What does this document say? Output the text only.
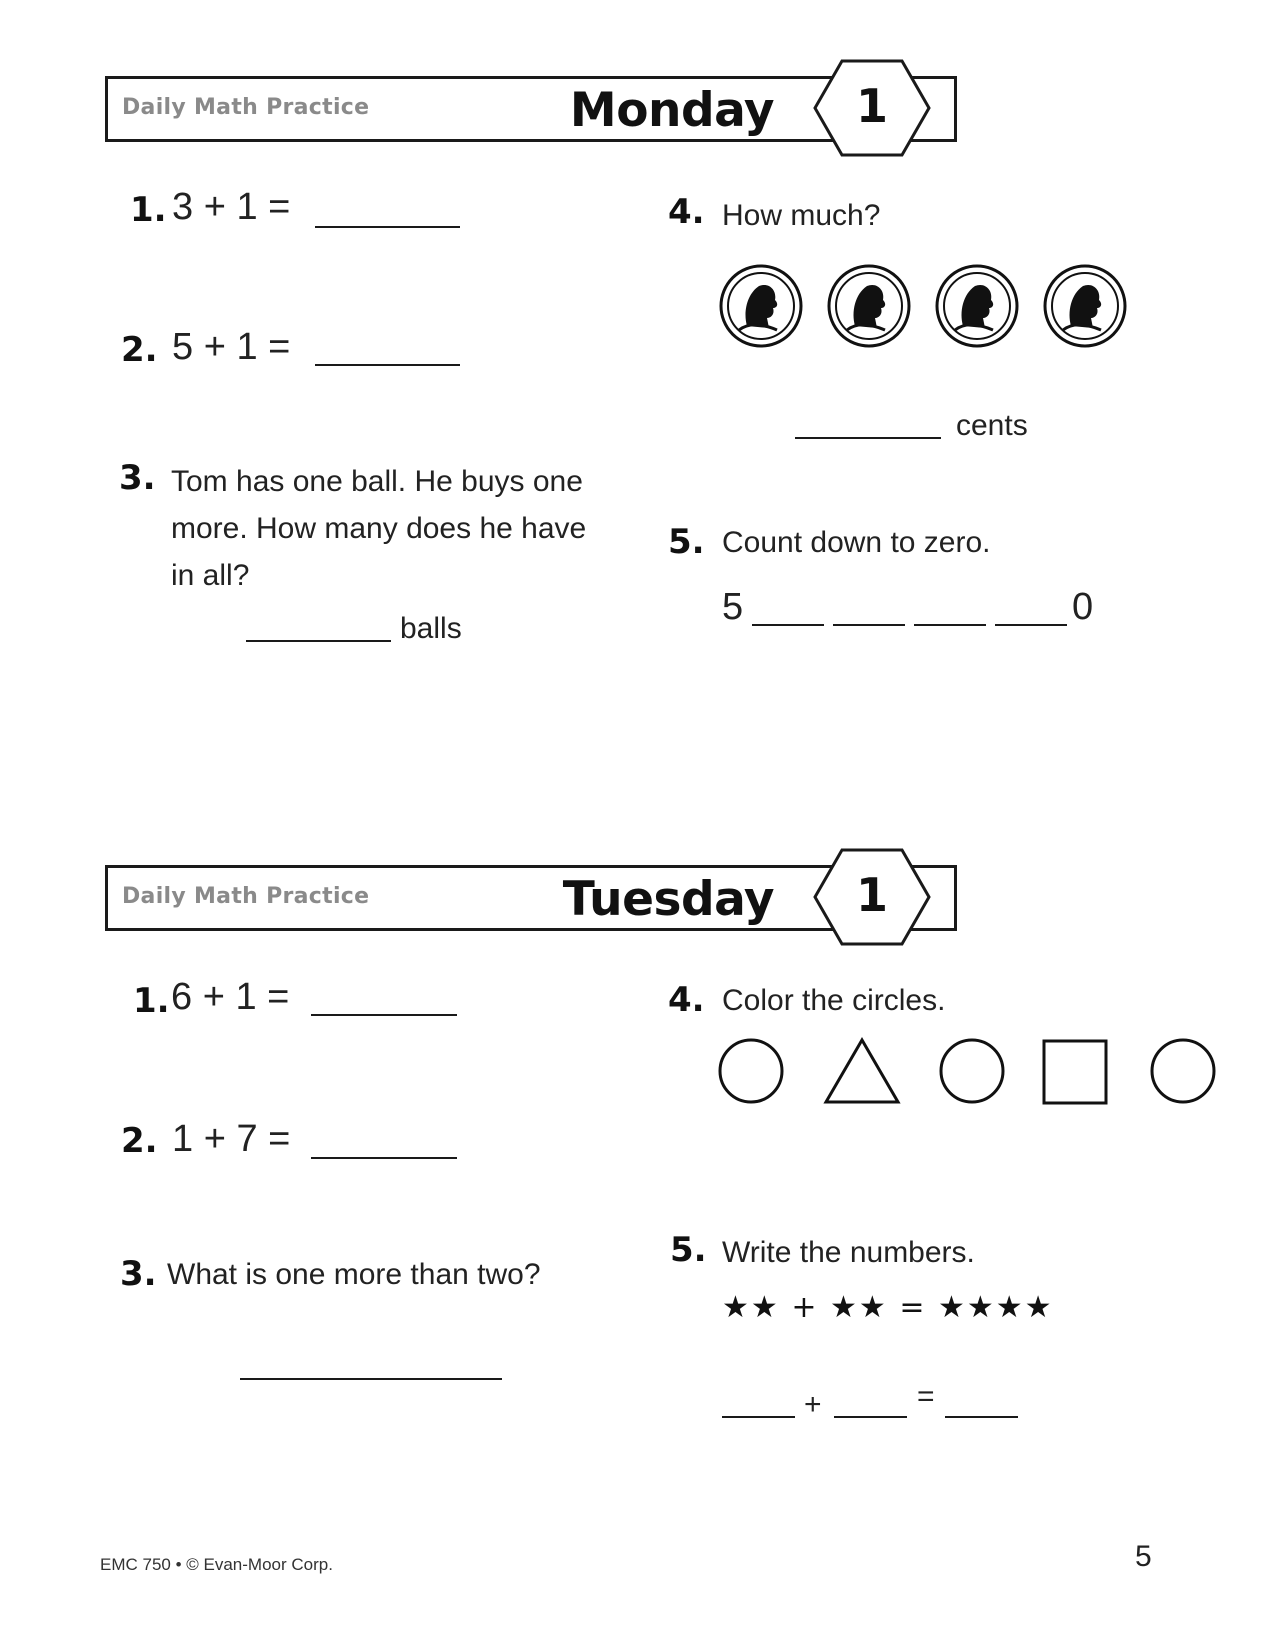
Daily Math Practice	Monday	1
1. 3 + 1 =
2. 5 + 1 =
3. Tom has one ball. He buys one
more. How many does he have
in all?
balls
4. How much?
cents
5. Count down to zero.
5	0
Daily Math Practice	Tuesday	1
1. 6 + 1 =
2. 1 + 7 =
3. What is one more than two?
4. Color the circles.
5. Write the numbers.
★★ + ★★ = ★★★★
+	=
EMC 750 • © Evan-Moor Corp.	5
